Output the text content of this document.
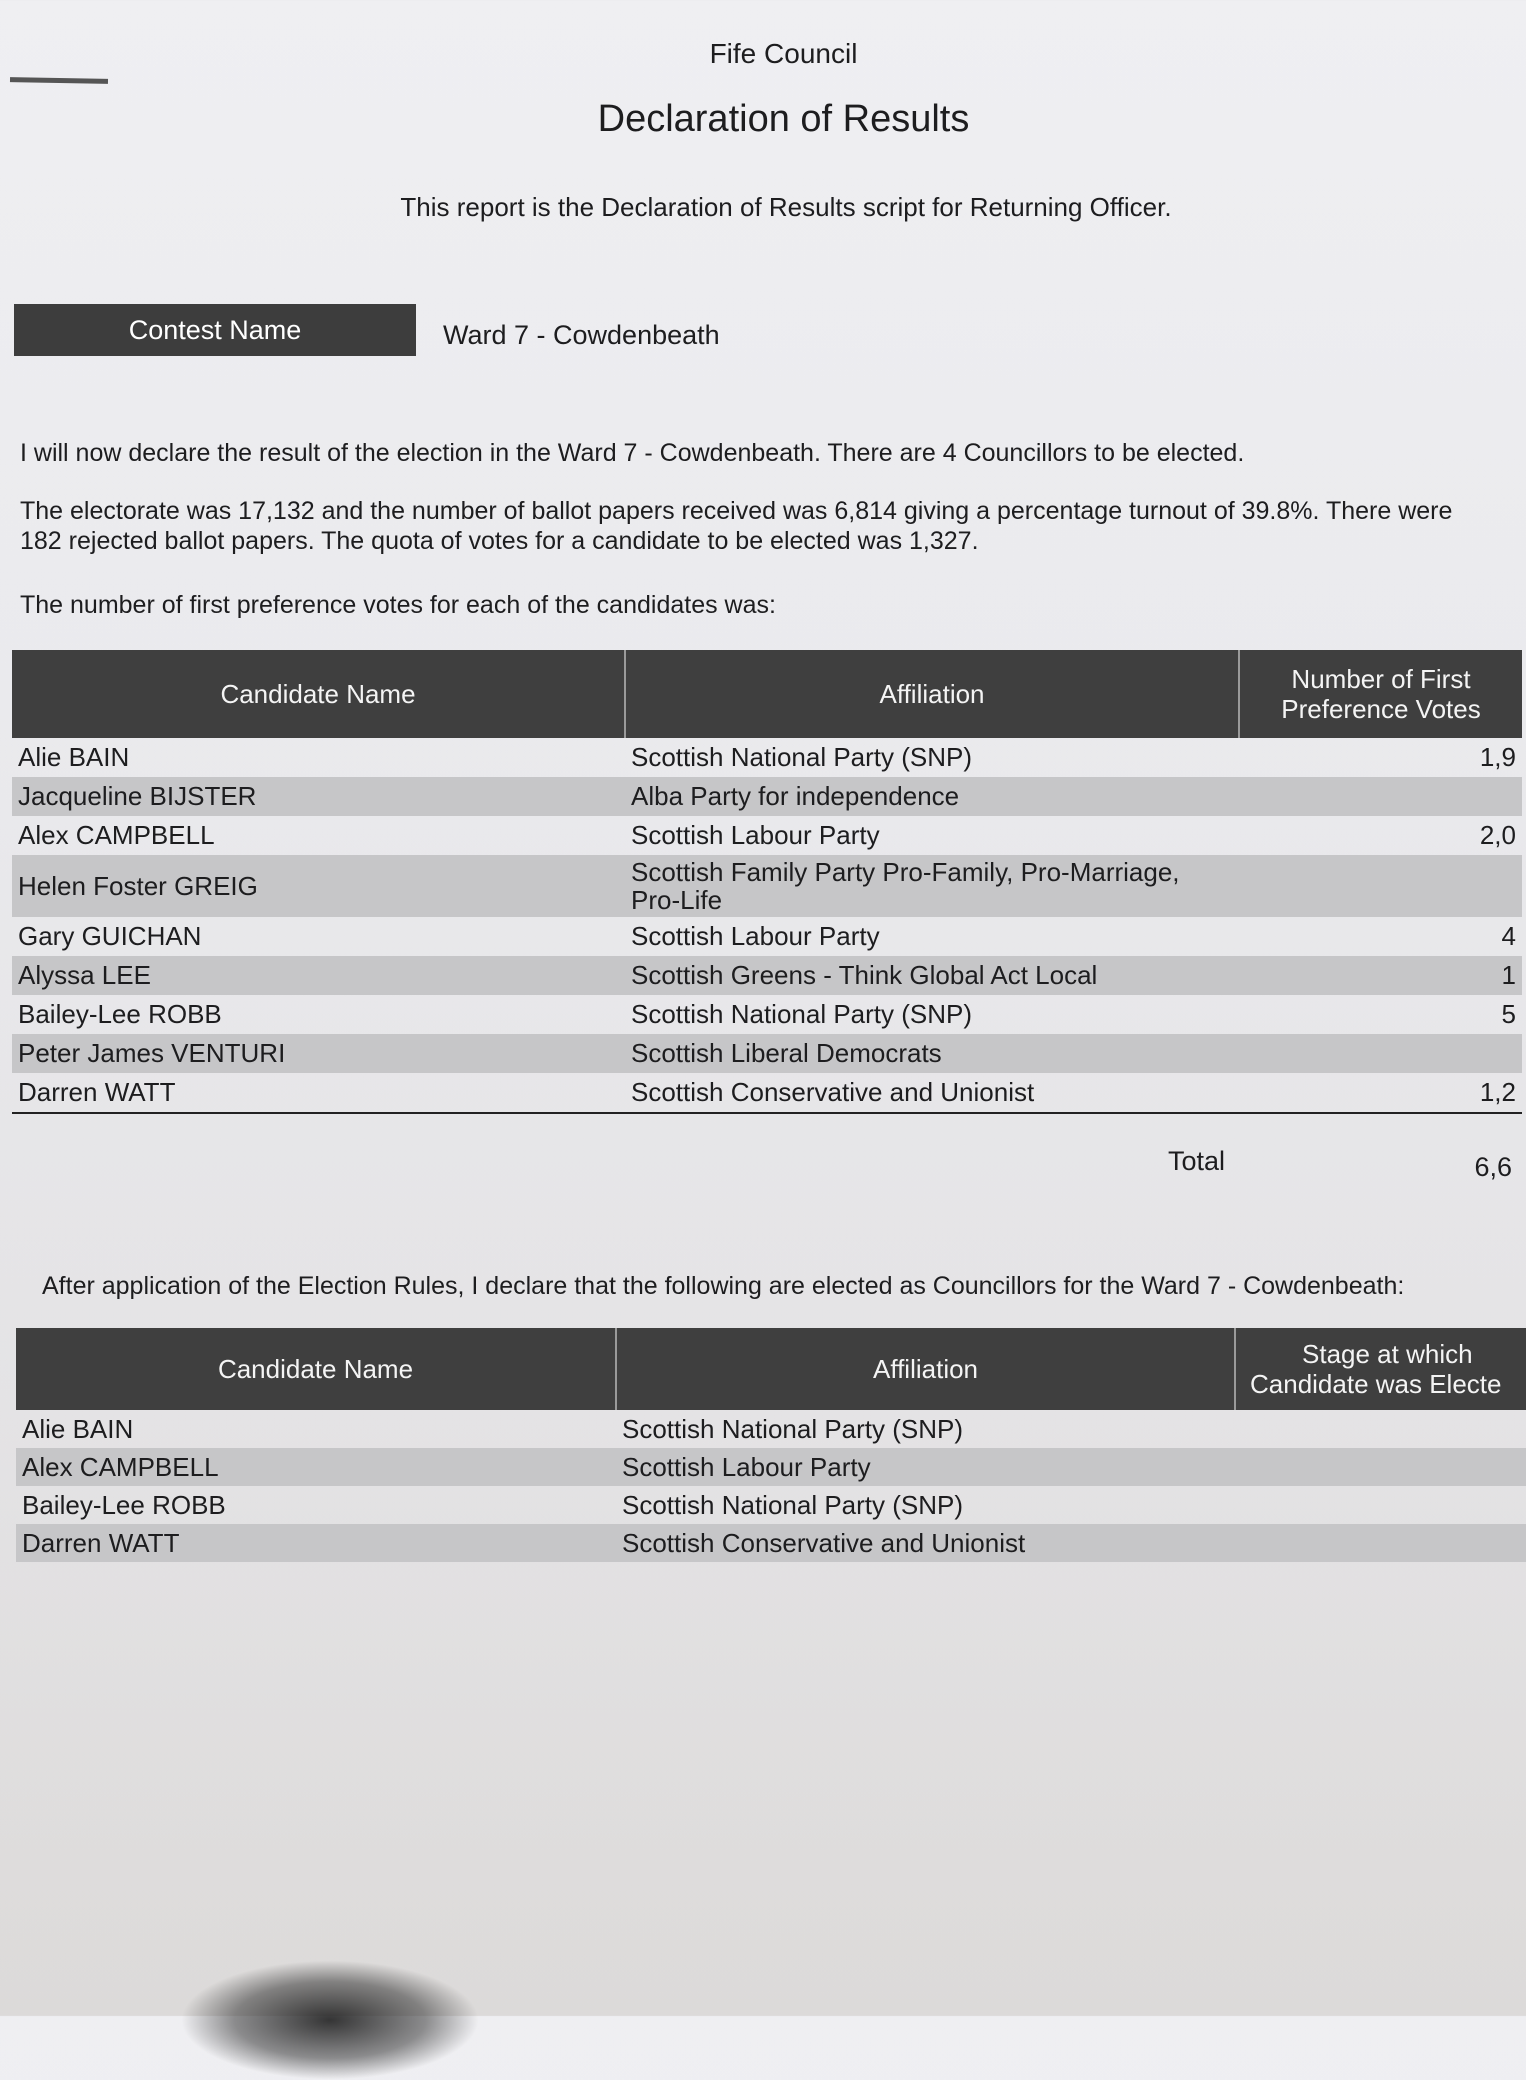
Fife Council
Declaration of Results
This report is the Declaration of Results script for Returning Officer.
Contest Name	Ward 7 - Cowdenbeath
I will now declare the result of the election in the Ward 7 - Cowdenbeath. There are 4 Councillors to be elected.
The electorate was 17,132 and the number of ballot papers received was 6,814 giving a percentage turnout of 39.8%. There were 182 rejected ballot papers. The quota of votes for a candidate to be elected was 1,327.
The number of first preference votes for each of the candidates was:
Candidate Name	Affiliation	Number of First
Preference Votes
Alie BAIN	Scottish National Party (SNP)	1,9
Jacqueline BIJSTER	Alba Party for independence	
Alex CAMPBELL	Scottish Labour Party	2,0
Helen Foster GREIG	Scottish Family Party Pro-Family, Pro-Marriage, Pro-Life	
Gary GUICHAN	Scottish Labour Party	4
Alyssa LEE	Scottish Greens - Think Global Act Local	1
Bailey-Lee ROBB	Scottish National Party (SNP)	5
Peter James VENTURI	Scottish Liberal Democrats	
Darren WATT	Scottish Conservative and Unionist	1,2
Total	6,6
After application of the Election Rules, I declare that the following are elected as Councillors for the Ward 7 - Cowdenbeath:
Candidate Name	Affiliation	Stage at which
Candidate was Electe
Alie BAIN	Scottish National Party (SNP)	
Alex CAMPBELL	Scottish Labour Party	
Bailey-Lee ROBB	Scottish National Party (SNP)	
Darren WATT	Scottish Conservative and Unionist	
